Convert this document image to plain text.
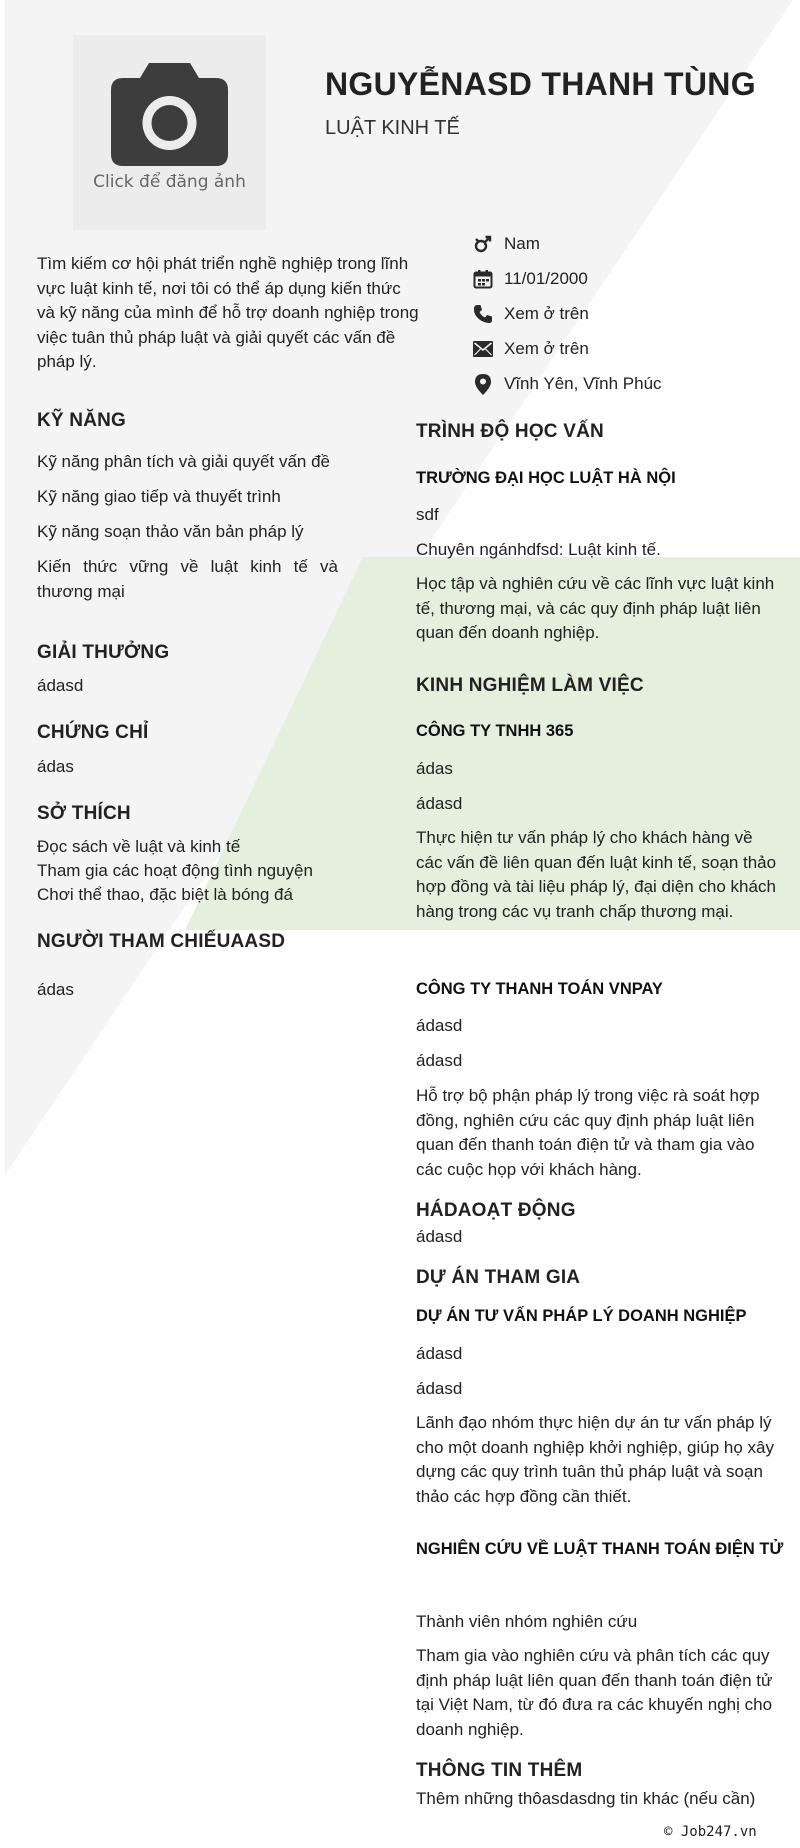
Click để đăng ảnh
NGUYỄNASD THANH TÙNG
LUẬT KINH TẾ
Nam
11/01/2000
Xem ở trên
Xem ở trên
Vĩnh Yên, Vĩnh Phúc
Tìm kiếm cơ hội phát triển nghề nghiệp trong lĩnh vực luật kinh tế, nơi tôi có thể áp dụng kiến thức và kỹ năng của mình để hỗ trợ doanh nghiệp trong việc tuân thủ pháp luật và giải quyết các vấn đề pháp lý.
KỸ NĂNG
Kỹ năng phân tích và giải quyết vấn đề
Kỹ năng giao tiếp và thuyết trình
Kỹ năng soạn thảo văn bản pháp lý
Kiến thức vững về luật kinh tế và thương mại
GIẢI THƯỞNG
ádasd
CHỨNG CHỈ
ádas
SỞ THÍCH
Đọc sách về luật và kinh tế
Tham gia các hoạt động tình nguyện
Chơi thể thao, đặc biệt là bóng đá
NGƯỜI THAM CHIẾUAASD
ádas
TRÌNH ĐỘ HỌC VẤN
TRƯỜNG ĐẠI HỌC LUẬT HÀ NỘI
sdf
Chuyên ngánhdfsd: Luật kinh tế.
Học tập và nghiên cứu về các lĩnh vực luật kinh tế, thương mại, và các quy định pháp luật liên quan đến doanh nghiệp.
KINH NGHIỆM LÀM VIỆC
CÔNG TY TNHH 365
ádas
ádasd
Thực hiện tư vấn pháp lý cho khách hàng về các vấn đề liên quan đến luật kinh tế, soạn thảo hợp đồng và tài liệu pháp lý, đại diện cho khách hàng trong các vụ tranh chấp thương mại.
CÔNG TY THANH TOÁN VNPAY
ádasd
ádasd
Hỗ trợ bộ phận pháp lý trong việc rà soát hợp đồng, nghiên cứu các quy định pháp luật liên quan đến thanh toán điện tử và tham gia vào các cuộc họp với khách hàng.
HÁDAOẠT ĐỘNG
ádasd
DỰ ÁN THAM GIA
DỰ ÁN TƯ VẤN PHÁP LÝ DOANH NGHIỆP
ádasd
ádasd
Lãnh đạo nhóm thực hiện dự án tư vấn pháp lý cho một doanh nghiệp khởi nghiệp, giúp họ xây dựng các quy trình tuân thủ pháp luật và soạn thảo các hợp đồng cần thiết.
NGHIÊN CỨU VỀ LUẬT THANH TOÁN ĐIỆN TỬ
Thành viên nhóm nghiên cứu
Tham gia vào nghiên cứu và phân tích các quy định pháp luật liên quan đến thanh toán điện tử tại Việt Nam, từ đó đưa ra các khuyến nghị cho doanh nghiệp.
THÔNG TIN THÊM
Thêm những thôasdasdng tin khác (nếu cần)
© Job247.vn
